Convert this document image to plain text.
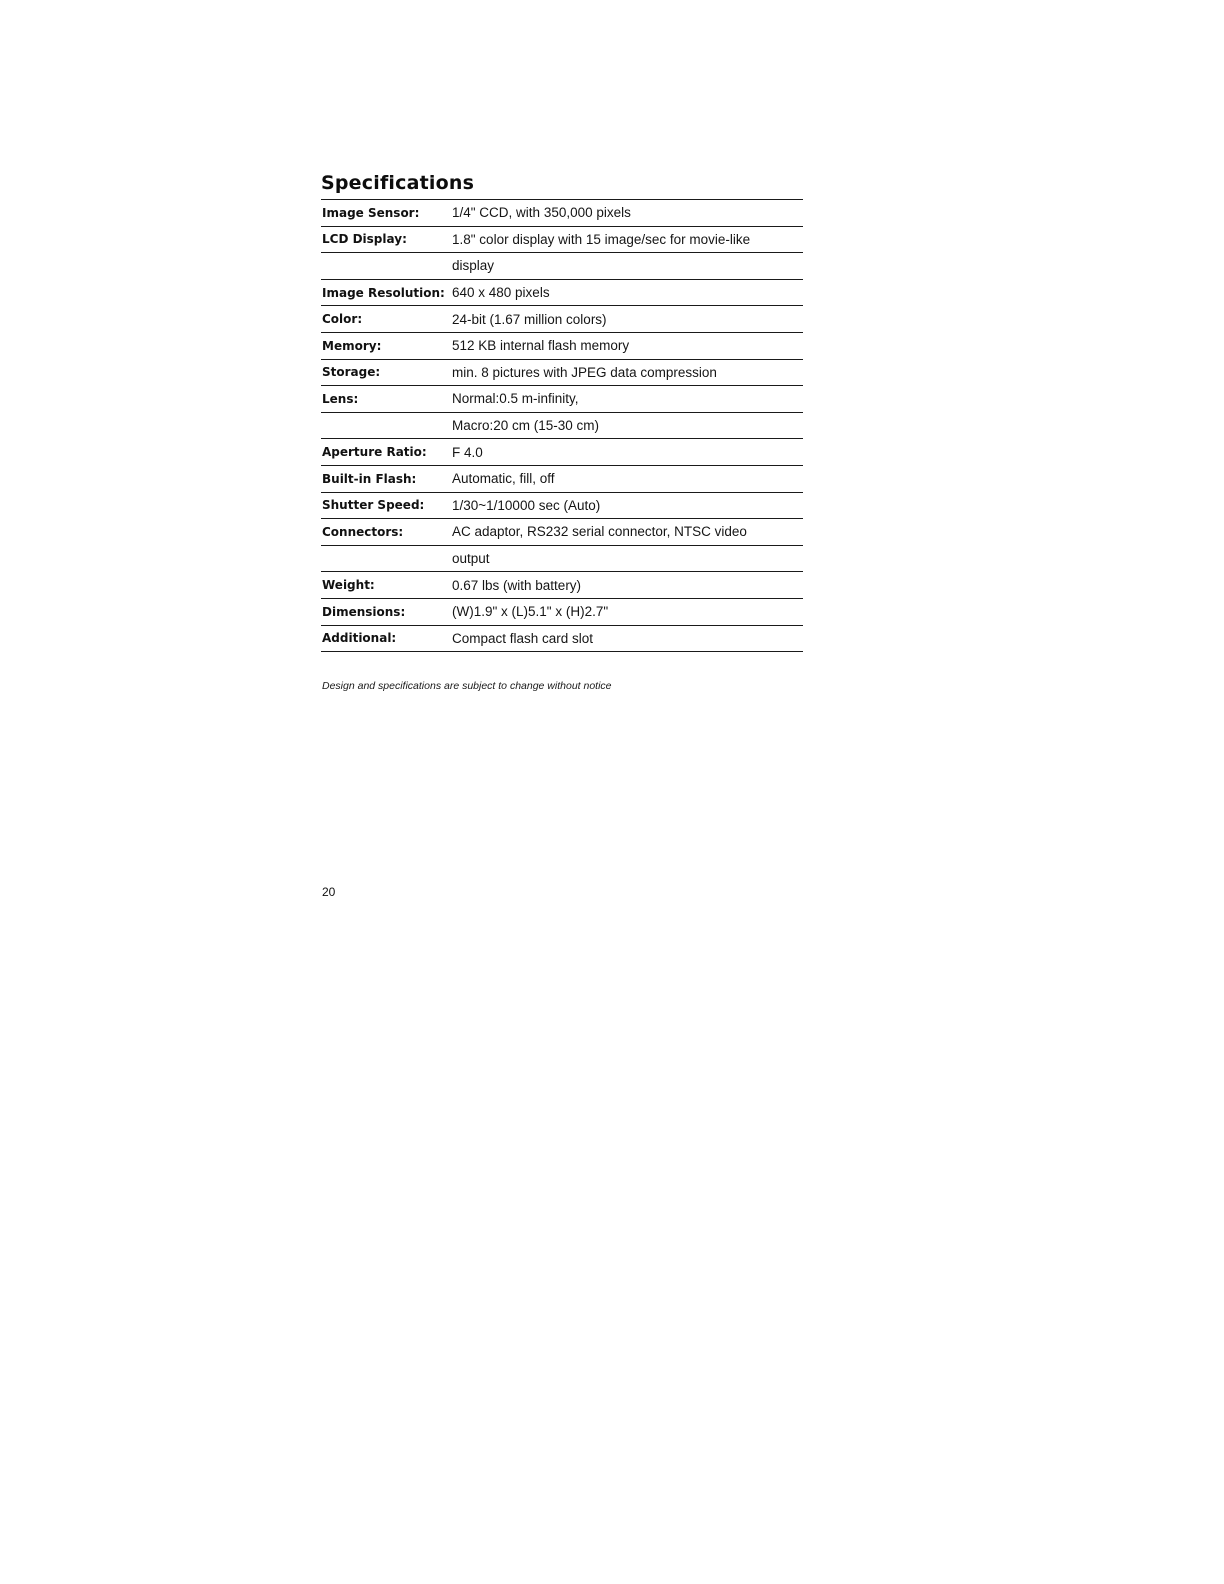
Specifications
Image Sensor:	1/4" CCD, with 350,000 pixels
LCD Display:	1.8" color display with 15 image/sec for movie-like
display
Image Resolution: 640 x 480 pixels
Color:	24-bit (1.67 million colors)
Memory:	512 KB internal flash memory
Storage:	min. 8 pictures with JPEG data compression
Lens:	Normal:0.5 m-infinity,
Macro:20 cm (15-30 cm)
Aperture Ratio:	F 4.0
Built-in Flash:	Automatic, fill, off
Shutter Speed:	1/30~1/10000 sec (Auto)
Connectors:	AC adaptor, RS232 serial connector, NTSC video
output
Weight:	0.67 lbs (with battery)
Dimensions:	(W)1.9" x (L)5.1" x (H)2.7"
Additional:	Compact flash card slot
Design and specifications are subject to change without notice
20
